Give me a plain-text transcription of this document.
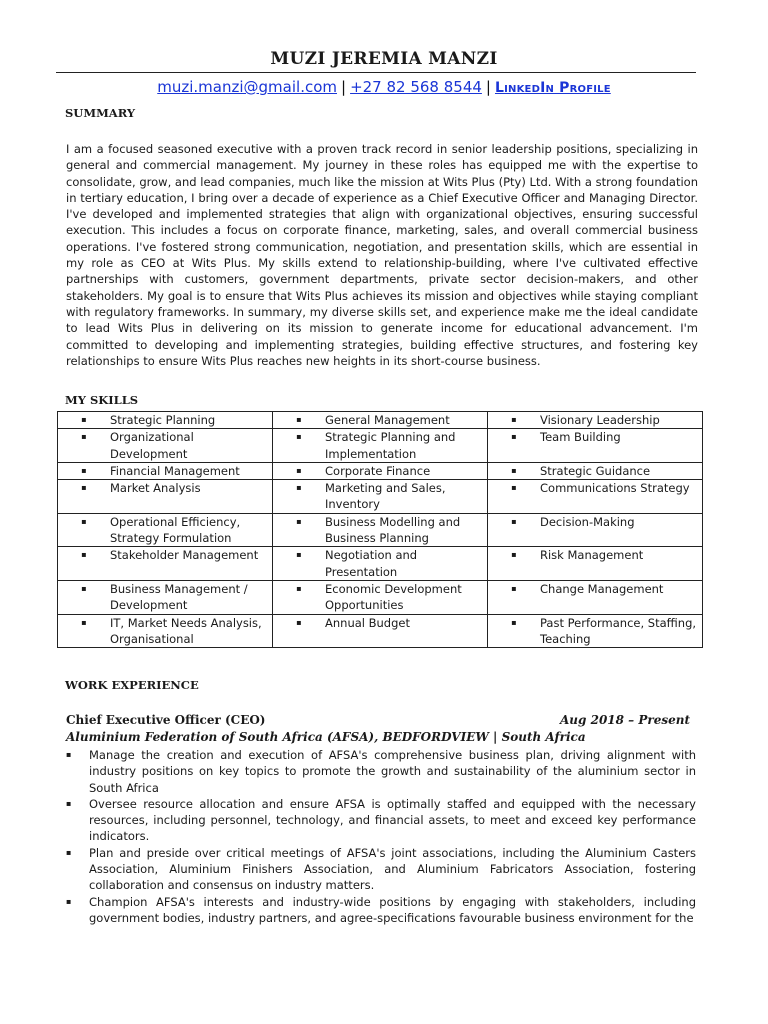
MUZI JEREMIA MANZI
muzi.manzi@gmail.com | +27 82 568 8544 | LinkedIn Profile
SUMMARY

I am a focused seasoned executive with a proven track record in senior leadership positions, specializing in general and commercial management. My journey in these roles has equipped me with the expertise to consolidate, grow, and lead companies, much like the mission at Wits Plus (Pty) Ltd. With a strong foundation in tertiary education, I bring over a decade of experience as a Chief Executive Officer and Managing Director. I've developed and implemented strategies that align with organizational objectives, ensuring successful execution. This includes a focus on corporate finance, marketing, sales, and overall commercial business operations. I've fostered strong communication, negotiation, and presentation skills, which are essential in my role as CEO at Wits Plus. My skills extend to relationship-building, where I've cultivated effective partnerships with customers, government departments, private sector decision-makers, and other stakeholders. My goal is to ensure that Wits Plus achieves its mission and objectives while staying compliant with regulatory frameworks. In summary, my diverse skills set, and experience make me the ideal candidate to lead Wits Plus in delivering on its mission to generate income for educational advancement. I'm committed to developing and implementing strategies, building effective structures, and fostering key relationships to ensure Wits Plus reaches new heights in its short-course business.

MY SKILLS
▪ Strategic Planning	▪ General Management	▪ Visionary Leadership

▪ Organizational Development	▪ Strategic Planning and Implementation	▪ Team Building

▪ Financial Management	▪ Corporate Finance	▪ Strategic Guidance

▪ Market Analysis	▪ Marketing and Sales, Inventory	▪ Communications Strategy

▪ Operational Efficiency, Strategy Formulation	▪ Business Modelling and Business Planning	▪ Decision-Making

▪ Stakeholder Management	▪ Negotiation and Presentation	▪ Risk Management

▪ Business Management / Development	▪ Economic Development Opportunities	▪ Change Management

▪ IT, Market Needs Analysis, Organisational	▪ Annual Budget	▪ Past Performance, Staffing, Teaching
WORK EXPERIENCE
Chief Executive Officer (CEO)	Aug 2018 – Present
Aluminium Federation of South Africa (AFSA), BEDFORDVIEW | South Africa
▪ Manage the creation and execution of AFSA's comprehensive business plan, driving alignment with industry positions on key topics to promote the growth and sustainability of the aluminium sector in South Africa
▪ Oversee resource allocation and ensure AFSA is optimally staffed and equipped with the necessary resources, including personnel, technology, and financial assets, to meet and exceed key performance indicators.
▪ Plan and preside over critical meetings of AFSA's joint associations, including the Aluminium Casters Association, Aluminium Finishers Association, and Aluminium Fabricators Association, fostering collaboration and consensus on industry matters.
▪ Champion AFSA's interests and industry-wide positions by engaging with stakeholders, including government bodies, industry partners, and agree-specifications favourable business environment for the
